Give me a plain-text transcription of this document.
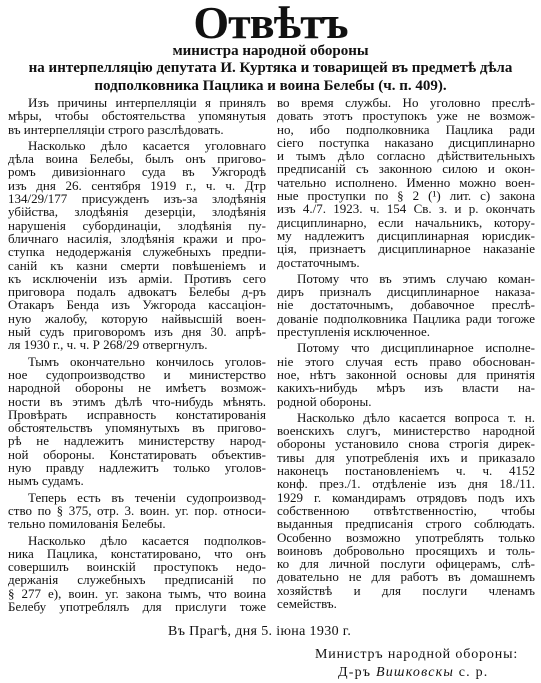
Отвѣтъ
министра народной обороны
на интерпелляцію депутата И. Куртяка и товарищей въ предметѣ дѣла
подполковника Пацлика и воина Белебы (ч. п. 409).
Изъ причины интерпелляціи я принялъ
мѣры, чтобы обстоятельства упомянутыя
въ интерпелляціи строго разслѣдовать.
Насколько дѣло касается уголовнаго
дѣла воина Белебы, былъ онъ пригово-
ромъ дивизіоннаго суда въ Ужгородѣ
изъ дня 26. сентября 1919 г., ч. ч. Дтр
134/29/177 присужденъ изъ-за злодѣянія
убійства, злодѣянія дезерціи, злодѣянія
нарушенія субординаціи, злодѣянія пу-
бличнаго насилія, злодѣянія кражи и про-
ступка недодержанія служебныхъ предпи-
саній къ казни смерти повѣшеніемъ и
къ исключеніи изъ арміи. Противъ сего
приговора подалъ адвокатъ Белебы д-ръ
Отакаръ Бенда изъ Ужгорода кассаціон-
ную жалобу, которую найвысшій воен-
ный судъ приговоромъ изъ дня 30. апрѣ-
ля 1930 г., ч. ч. Р 268/29 отвергнулъ.
Тымъ окончательно кончилось уголов-
ное судопроизводство и министерство
народной обороны не имѣетъ возмож-
ности въ этимъ дѣлѣ что-нибудь мѣнять.
Провѣрать исправность констатированія
обстоятельствъ упомянутыхъ въ пригово-
рѣ не надлежитъ министерству народ-
ной обороны. Констатировать объектив-
ную правду надлежитъ только уголов-
нымъ судамъ.
Теперь есть въ теченіи судопроизвод-
ство по § 375, отр. 3. воин. уг. пор. относи-
тельно помилованія Белебы.
Насколько дѣло касается подполков-
ника Пацлика, констатировано, что онъ
совершилъ воинскій проступокъ недо-
держанія служебныхъ предписаній по
§ 277 е), воин. уг. закона тымъ, что воина
Белебу употреблялъ для прислуги тоже
во время службы. Но уголовно преслѣ-
довать этотъ проступокъ уже не возмож-
но, ибо подполковника Пацлика ради
сіего поступка наказано дисциплинарно
и тымъ дѣло согласно дѣйствительныхъ
предписаній съ законною силою и окон-
чательно исполнено. Именно можно воен-
ные проступки по § 2 (¹) лит. с) закона
изъ 4./7. 1923. ч. 154 Св. з. и р. окончать
дисциплинарно, если начальникъ, котору-
му надлежитъ дисциплинарная юрисдик-
ція, признаетъ дисциплинарное наказаніе
достаточнымъ.
Потому что въ этимъ случаю коман-
диръ призналъ дисциплинарное наказа-
ніе достаточнымъ, добавочное преслѣ-
дованіе подполковника Пацлика ради тогоже
преступленія исключенное.
Потому что дисциплинарное исполне-
ніе этого случая есть право обоснован-
ное, нѣтъ законной основы для принятія
какихъ-нибудь мѣръ изъ власти на-
родной обороны.
Насколько дѣло касается вопроса т. н.
военскихъ слугъ, министерство народной
обороны установило снова строгія дирек-
тивы для употребленія ихъ и приказало
наконецъ постановленіемъ ч. ч. 4152
конф. през./1. отдѣленіе изъ дня 18./11.
1929 г. командирамъ отрядовъ подъ ихъ
собственною отвѣтственностію, чтобы
выданныя предписанія строго соблюдать.
Особенно возможно употреблять только
воиновъ добровольно просящихъ и толь-
ко для личной послуги офицерамъ, слѣ-
довательно не для работъ въ домашнемъ
хозяйствѣ и для послуги членамъ
семействъ.
Въ Прагѣ, дня 5. іюна 1930 г.
Министръ народной обороны:
Д-ръ Вишковскы с. р.
